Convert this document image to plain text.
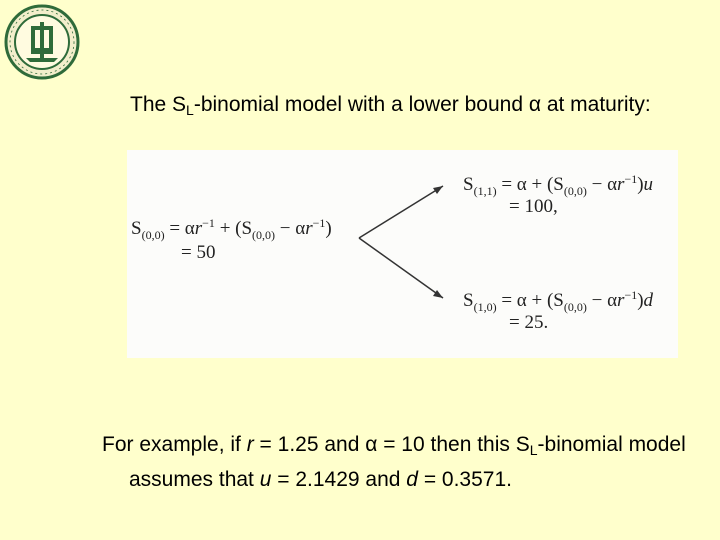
The $S_L$-binomial model with a lower bound α at maturity:
$S_{(0,0)} = \alpha r^{-1} + (S_{(0,0)} - \alpha r^{-1})$
= 50
$S_{(1,1)} = \alpha + (S_{(0,0)} - \alpha r^{-1})u$
= 100,
$S_{(1,0)} = \alpha + (S_{(0,0)} - \alpha r^{-1})d$
= 25.
For example, if r = 1.25 and α = 10 then this $S_L$-binomial model assumes that u = 2.1429 and d = 0.3571.
